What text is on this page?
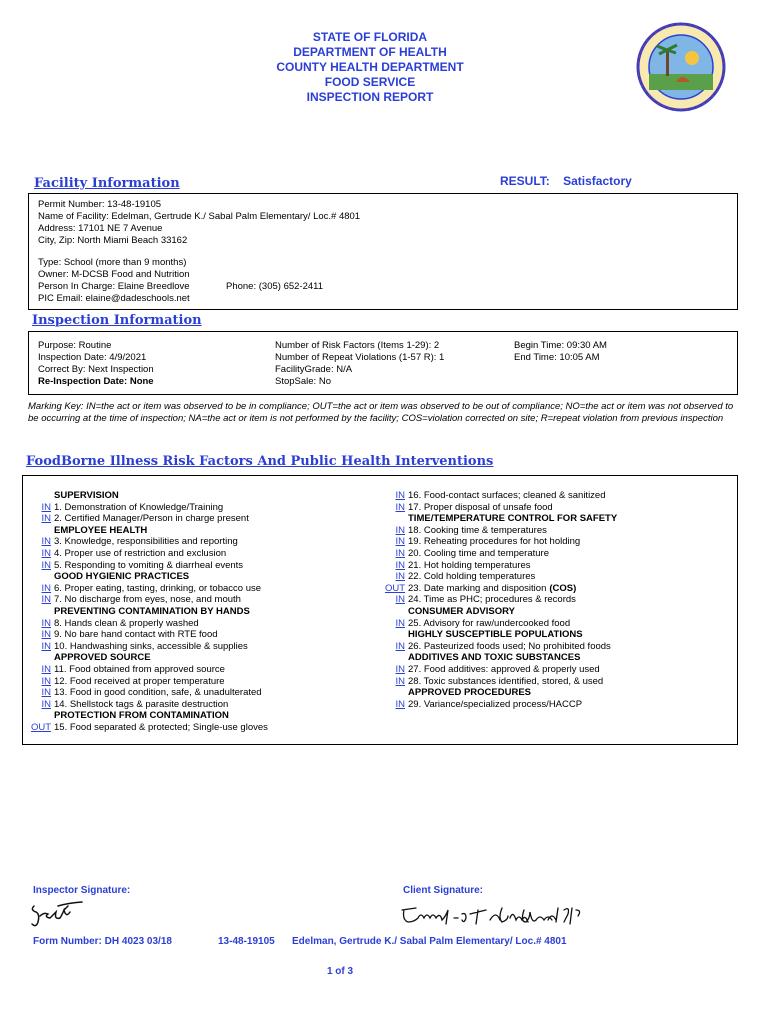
STATE OF FLORIDA
DEPARTMENT OF HEALTH
COUNTY HEALTH DEPARTMENT
FOOD SERVICE
INSPECTION REPORT
Facility Information	RESULT: Satisfactory
Permit Number: 13-48-19105
Name of Facility: Edelman, Gertrude K./ Sabal Palm Elementary/ Loc.# 4801
Address: 17101 NE 7 Avenue
City, Zip: North Miami Beach 33162
Type: School (more than 9 months)
Owner: M-DCSB Food and Nutrition
Person In Charge: Elaine Breedlove	Phone: (305) 652-2411
PIC Email: elaine@dadeschools.net
Inspection Information
Purpose: Routine
Inspection Date: 4/9/2021
Correct By: Next Inspection
Re-Inspection Date: None
Number of Risk Factors (Items 1-29): 2
Number of Repeat Violations (1-57 R): 1
FacilityGrade: N/A
StopSale: No
Begin Time: 09:30 AM
End Time: 10:05 AM
Marking Key: IN=the act or item was observed to be in compliance; OUT=the act or item was observed to be out of compliance; NO=the act or item was not observed to be occurring at the time of inspection; NA=the act or item is not performed by the facility; COS=violation corrected on site; R=repeat violation from previous inspection
FoodBorne Illness Risk Factors And Public Health Interventions
SUPERVISION
IN 1. Demonstration of Knowledge/Training
IN 2. Certified Manager/Person in charge present
EMPLOYEE HEALTH
IN 3. Knowledge, responsibilities and reporting
IN 4. Proper use of restriction and exclusion
IN 5. Responding to vomiting & diarrheal events
GOOD HYGIENIC PRACTICES
IN 6. Proper eating, tasting, drinking, or tobacco use
IN 7. No discharge from eyes, nose, and mouth
PREVENTING CONTAMINATION BY HANDS
IN 8. Hands clean & properly washed
IN 9. No bare hand contact with RTE food
IN 10. Handwashing sinks, accessible & supplies
APPROVED SOURCE
IN 11. Food obtained from approved source
IN 12. Food received at proper temperature
IN 13. Food in good condition, safe, & unadulterated
IN 14. Shellstock tags & parasite destruction
PROTECTION FROM CONTAMINATION
OUT 15. Food separated & protected; Single-use gloves
IN 16. Food-contact surfaces; cleaned & sanitized
IN 17. Proper disposal of unsafe food
TIME/TEMPERATURE CONTROL FOR SAFETY
IN 18. Cooking time & temperatures
IN 19. Reheating procedures for hot holding
IN 20. Cooling time and temperature
IN 21. Hot holding temperatures
IN 22. Cold holding temperatures
OUT 23. Date marking and disposition (COS)
IN 24. Time as PHC; procedures & records
CONSUMER ADVISORY
IN 25. Advisory for raw/undercooked food
HIGHLY SUSCEPTIBLE POPULATIONS
IN 26. Pasteurized foods used; No prohibited foods
ADDITIVES AND TOXIC SUBSTANCES
IN 27. Food additives: approved & properly used
IN 28. Toxic substances identified, stored, & used
APPROVED PROCEDURES
IN 29. Variance/specialized process/HACCP
Inspector Signature:	Client Signature:
Form Number: DH 4023 03/18	13-48-19105 Edelman, Gertrude K./ Sabal Palm Elementary/ Loc.# 4801
1 of 3
